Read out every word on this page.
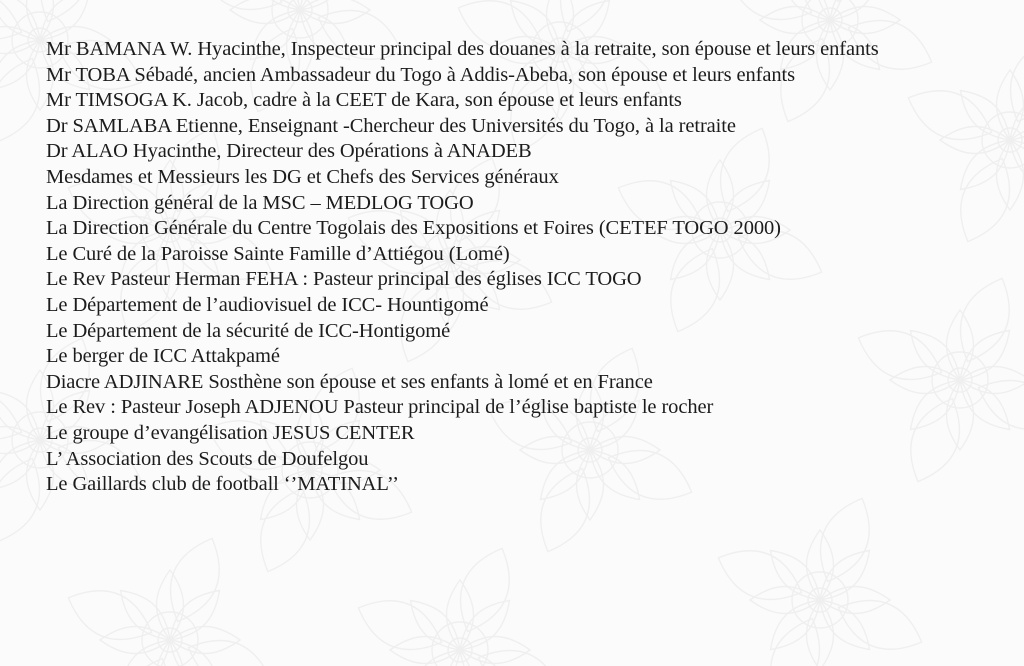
Mr BAMANA W. Hyacinthe, Inspecteur principal des douanes à la retraite, son épouse et leurs enfants
Mr TOBA Sébadé, ancien Ambassadeur du Togo à Addis-Abeba, son épouse et leurs enfants
Mr TIMSOGA K. Jacob, cadre à la CEET de Kara, son épouse et leurs enfants
Dr SAMLABA Etienne, Enseignant -Chercheur des Universités du Togo, à la retraite
Dr ALAO Hyacinthe, Directeur des Opérations à ANADEB
Mesdames et Messieurs les DG et Chefs des Services généraux
La Direction général de la MSC – MEDLOG TOGO
La Direction Générale du Centre Togolais des Expositions et Foires (CETEF TOGO 2000)
Le Curé de la Paroisse Sainte Famille d’Attiégou (Lomé)
Le Rev Pasteur Herman FEHA : Pasteur principal des églises ICC TOGO
Le Département de l’audiovisuel de ICC- Hountigomé
Le Département de la sécurité de ICC-Hontigomé
Le berger de ICC Attakpamé
Diacre ADJINARE Sosthène son épouse et ses enfants à lomé et en France
Le Rev : Pasteur Joseph ADJENOU Pasteur principal de l’église baptiste le rocher
Le groupe d’evangélisation JESUS CENTER
L’ Association des Scouts de Doufelgou
Le Gaillards club de football ‘’MATINAL’’
